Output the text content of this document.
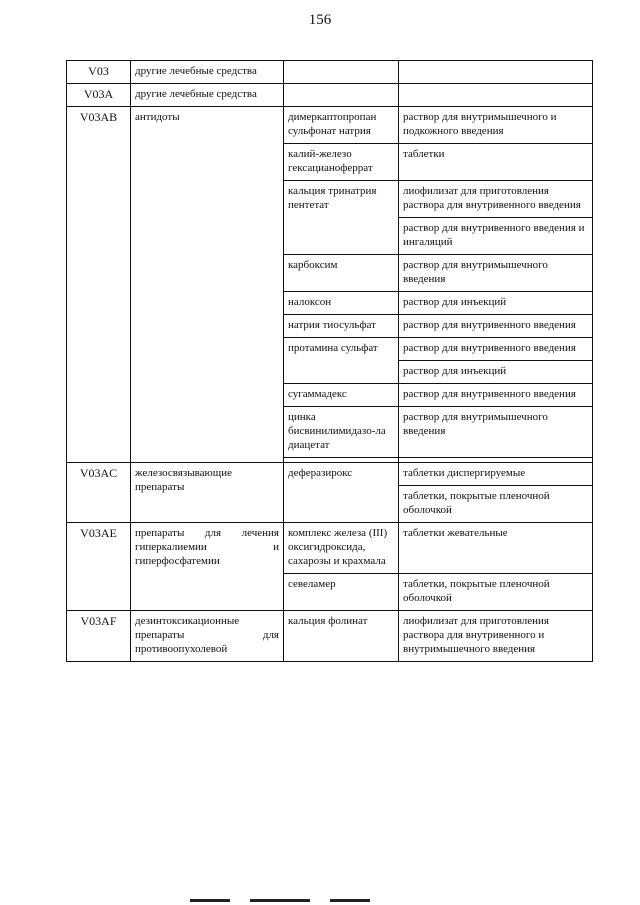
156
V03	другие лечебные средства		
V03A	другие лечебные средства		
V03AB	антидоты	димеркаптопропан сульфонат натрия	раствор для внутримышечного и подкожного введения
		калий-железо гексацианоферрат	таблетки
		кальция тринатрия пентетат	лиофилизат для приготовления раствора для внутривенного введения
			раствор для внутривенного введения и ингаляций
		карбоксим	раствор для внутримышечного введения
		налоксон	раствор для инъекций
		натрия тиосульфат	раствор для внутривенного введения
		протамина сульфат	раствор для внутривенного введения
			раствор для инъекций
		сугаммадекс	раствор для внутривенного введения
		цинка бисвинилимидазо-ла диацетат	раствор для внутримышечного введения

V03AC	железосвязывающие препараты	деферазирокс	таблетки диспергируемые
			таблетки, покрытые пленочной оболочкой
V03AE	препараты для лечения гиперкалиемии и гиперфосфатемии	комплекс железа (III) оксигидроксида, сахарозы и крахмала	таблетки жевательные
		севеламер	таблетки, покрытые пленочной оболочкой
V03AF	дезинтоксикационные препараты для противоопухолевой	кальция фолинат	лиофилизат для приготовления раствора для внутривенного и внутримышечного введения
